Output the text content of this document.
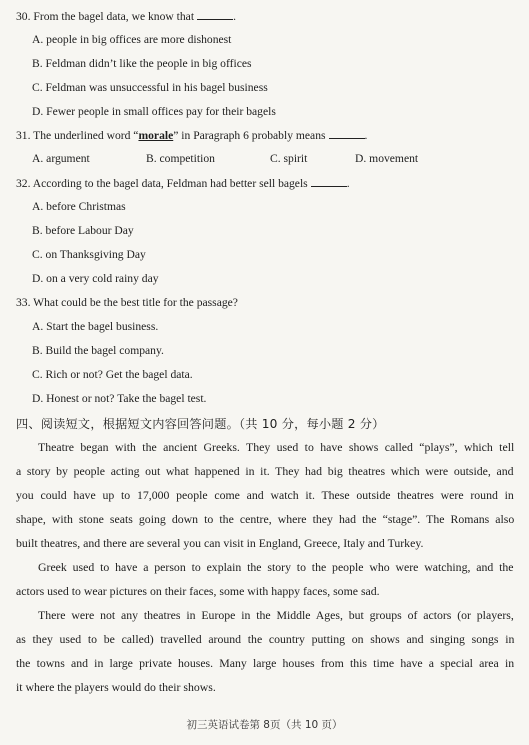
30. From the bagel data, we know that	.
A. people in big offices are more dishonest
B. Feldman didn’t like the people in big offices
C. Feldman was unsuccessful in his bagel business
D. Fewer people in small offices pay for their bagels
31. The underlined word “morale” in Paragraph 6 probably means	.
A. argument	B. competition	C. spirit	D. movement
32. According to the bagel data, Feldman had better sell bagels	.
A. before Christmas
B. before Labour Day
C. on Thanksgiving Day
D. on a very cold rainy day
33. What could be the best title for the passage?
A. Start the bagel business.
B. Build the bagel company.
C. Rich or not? Get the bagel data.
D. Honest or not? Take the bagel test.
四、阅读短文，根据短文内容回答问题。（共 10 分，每小题 2 分）
Theatre began with the ancient Greeks. They used to have shows called “plays”, which tell
a story by people acting out what happened in it. They had big theatres which were outside, and
you could have up to 17,000 people come and watch it. These outside theatres were round in
shape, with stone seats going down to the centre, where they had the “stage”. The Romans also
built theatres, and there are several you can visit in England, Greece, Italy and Turkey.
Greek used to have a person to explain the story to the people who were watching, and the
actors used to wear pictures on their faces, some with happy faces, some sad.
There were not any theatres in Europe in the Middle Ages, but groups of actors (or players,
as they used to be called) travelled around the country putting on shows and singing songs in
the towns and in large private houses. Many large houses from this time have a special area in
it where the players would do their shows.
初三英语试卷第 8页（共 10 页）
